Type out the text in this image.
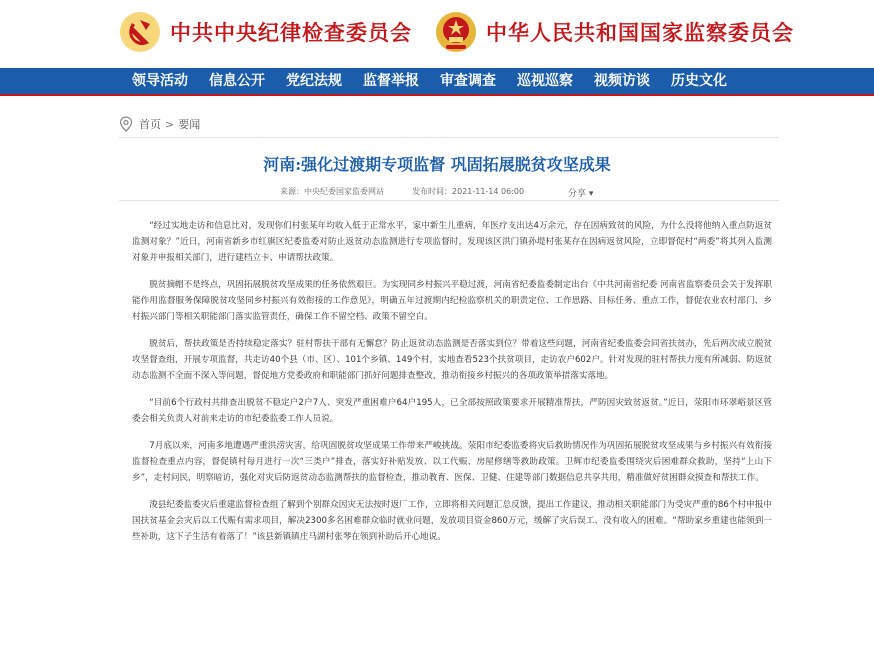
中共中央纪律检查委员会	中华人民共和国国家监察委员会
领导活动 信息公开 党纪法规 监督举报 审查调查 巡视巡察 视频访谈 历史文化
首页 > 要闻
河南:强化过渡期专项监督 巩固拓展脱贫攻坚成果
来源：中央纪委国家监委网站	发布时间：2021-11-14 06:00	分享 ▾

“经过实地走访和信息比对，发现你们村张某年均收入低于正常水平，家中新生儿重病，年医疗支出达4万余元，存在因病致贫的风险，为什么没将他纳入重点防返贫监测对象？”近日，河南省新乡市红旗区纪委监委对防止返贫动态监测进行专项监督时，发现该区洪门镇孙堤村张某存在因病返贫风险，立即督促村“两委”将其列入监测对象并申报相关部门，进行建档立卡、申请帮扶政策。

脱贫摘帽不是终点，巩固拓展脱贫攻坚成果的任务依然艰巨。为实现同乡村振兴平稳过渡，河南省纪委监委制定出台《中共河南省纪委 河南省监察委员会关于发挥职能作用监督服务保障脱贫攻坚同乡村振兴有效衔接的工作意见》，明确五年过渡期内纪检监察机关的职责定位、工作思路、目标任务、重点工作，督促农业农村部门、乡村振兴部门等相关职能部门落实监管责任，确保工作不留空档、政策不留空白。

脱贫后，帮扶政策是否持续稳定落实？驻村帮扶干部有无懈怠？防止返贫动态监测是否落实到位？带着这些问题，河南省纪委监委会同省扶贫办，先后两次成立脱贫攻坚督查组，开展专项监督，共走访40个县（市、区）、101个乡镇、149个村，实地查看523个扶贫项目，走访农户602户。针对发现的驻村帮扶力度有所减弱、防返贫动态监测不全面不深入等问题，督促地方党委政府和职能部门抓好问题排查整改，推动衔接乡村振兴的各项政策举措落实落地。

“目前6个行政村共排查出脱贫不稳定户2户7人、突发严重困难户64户195人，已全部按照政策要求开展精准帮扶，严防因灾致贫返贫。”近日，荥阳市环翠峪景区管委会相关负责人对前来走访的市纪委监委工作人员说。

7月底以来，河南多地遭遇严重洪涝灾害，给巩固脱贫攻坚成果工作带来严峻挑战。荥阳市纪委监委将灾后救助情况作为巩固拓展脱贫攻坚成果与乡村振兴有效衔接监督检查重点内容，督促镇村每月进行一次“三类户”排查，落实好补贴发放、以工代赈、房屋修缮等救助政策。卫辉市纪委监委围绕灾后困难群众救助，坚持“上山下乡”，走村问民，明察暗访，强化对灾后防返贫动态监测帮扶的监督检查，推动教育、医保、卫健、住建等部门数据信息共享共用，精准做好贫困群众摸查和帮扶工作。

浚县纪委监委灾后重建监督检查组了解到个别群众因灾无法按时返厂工作，立即将相关问题汇总反馈，提出工作建议，推动相关职能部门为受灾严重的86个村申报中国扶贫基金会灾后以工代赈有需求项目，解决2300多名困难群众临时就业问题，发放项目资金860万元，缓解了灾后误工、没有收入的困难。“帮助家乡重建也能领到一些补助，这下子生活有着落了！”该县新镇镇庄马湖村张琴在领到补助后开心地说。
